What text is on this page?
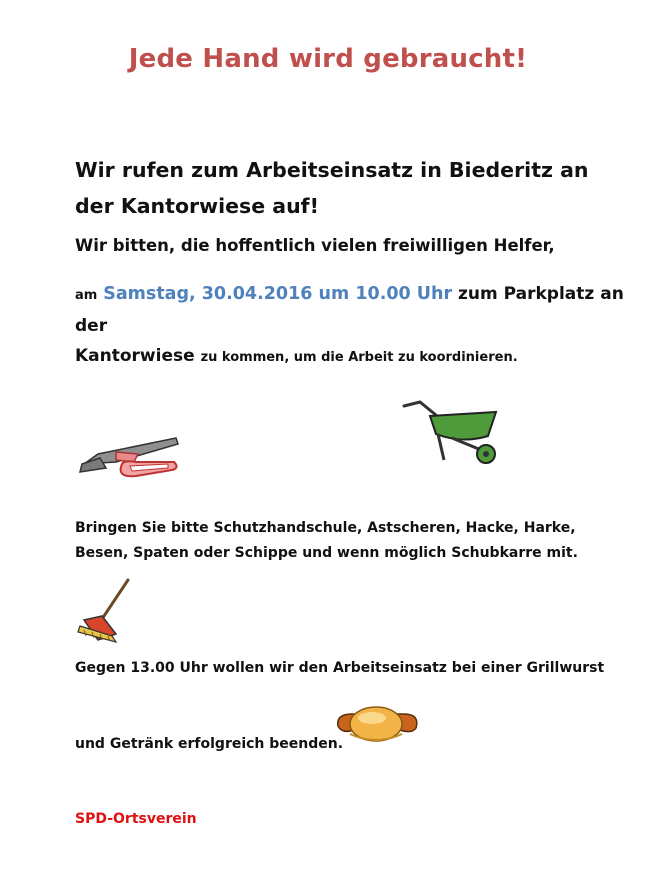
Jede Hand wird gebraucht!
Wir rufen zum Arbeitseinsatz in Biederitz an der Kantorwiese auf!
Wir bitten, die hoffentlich vielen freiwilligen Helfer,
am Samstag, 30.04.2016 um 10.00 Uhr zum Parkplatz an der
Kantorwiese zu kommen, um die Arbeit zu koordinieren.
Bringen Sie bitte Schutzhandschule, Astscheren, Hacke, Harke, Besen, Spaten oder Schippe und wenn möglich Schubkarre mit.
Gegen 13.00 Uhr wollen wir den Arbeitseinsatz bei einer Grillwurst
und Getränk erfolgreich beenden.
SPD-Ortsverein
